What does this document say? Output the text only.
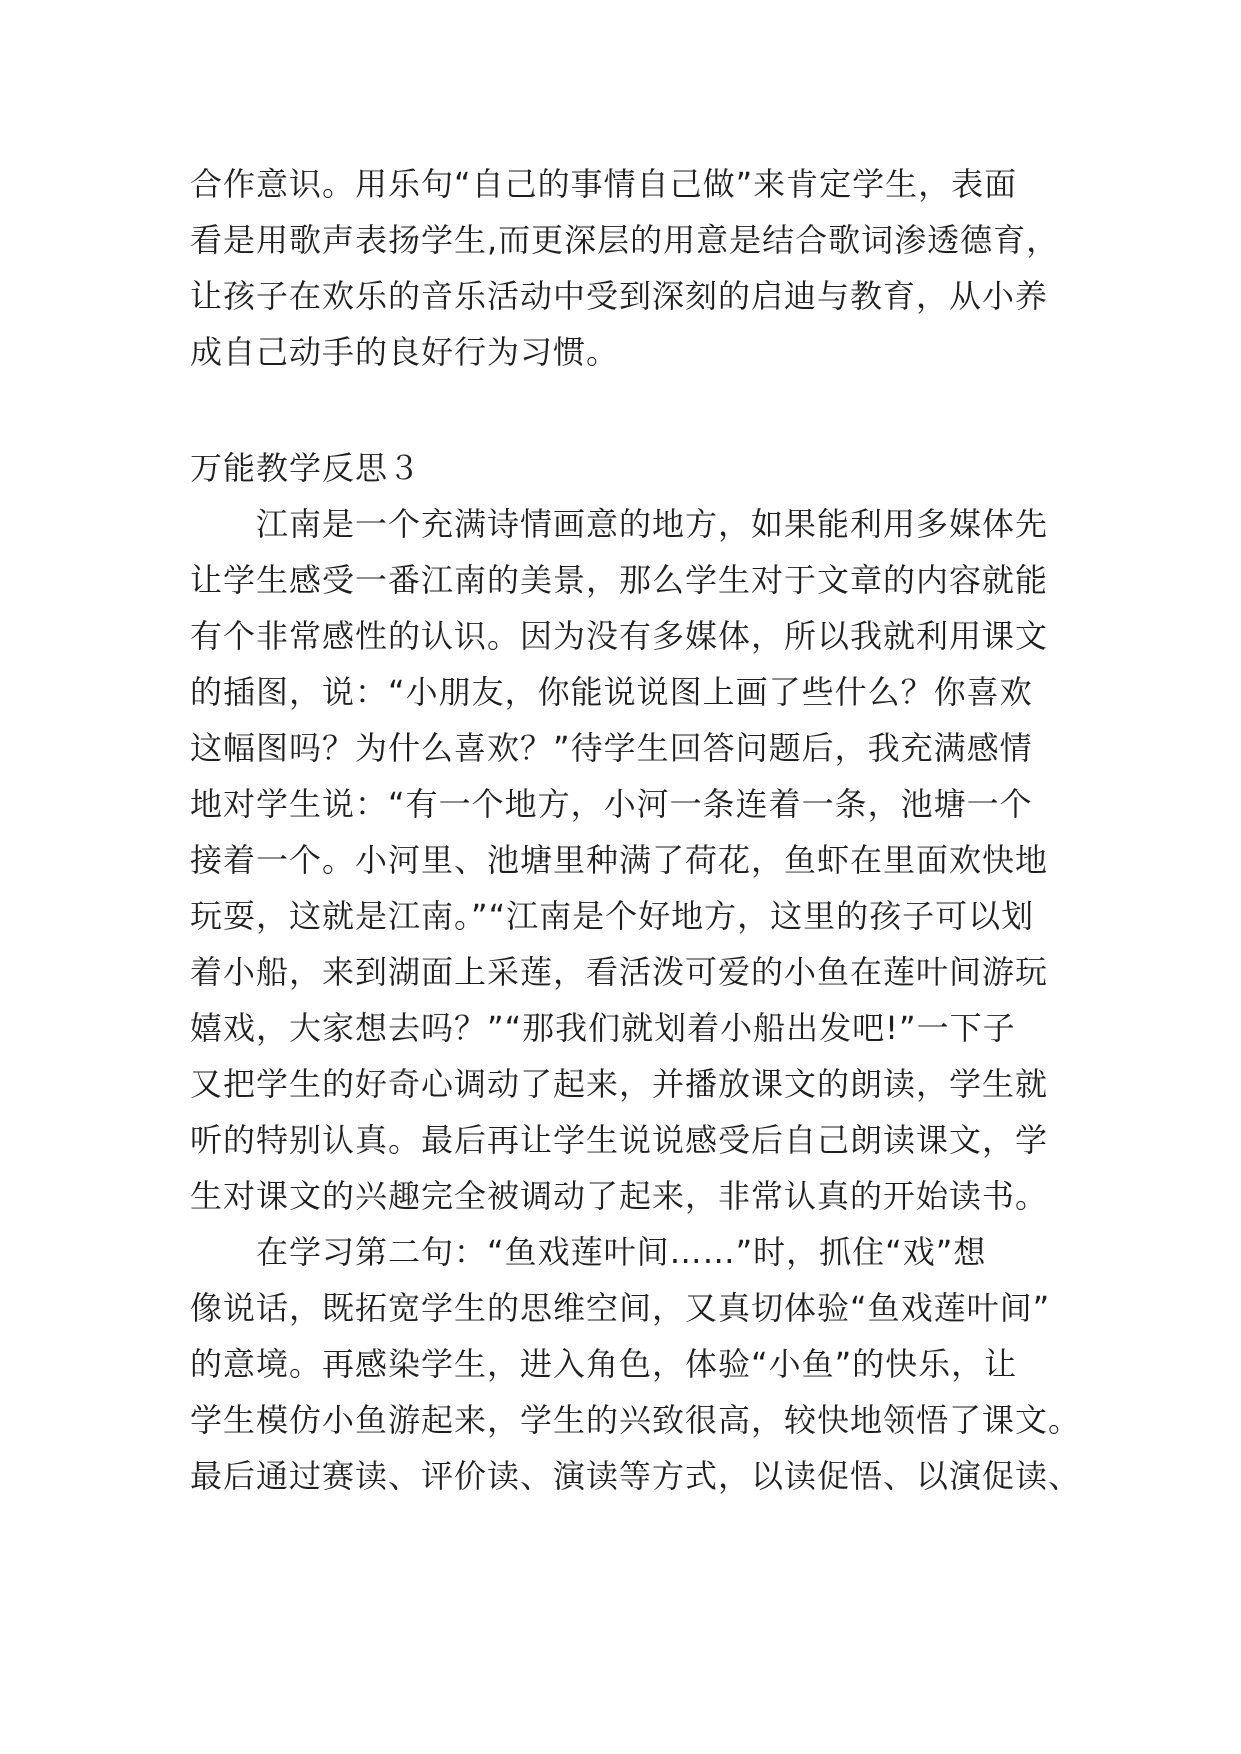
合作意识。用乐句“自己的事情自己做”来肯定学生，表面
看是用歌声表扬学生,而更深层的用意是结合歌词渗透德育，
让孩子在欢乐的音乐活动中受到深刻的启迪与教育，从小养
成自己动手的良好行为习惯。
万能教学反思３
江南是一个充满诗情画意的地方，如果能利用多媒体先
让学生感受一番江南的美景，那么学生对于文章的内容就能
有个非常感性的认识。因为没有多媒体，所以我就利用课文
的插图，说：“小朋友，你能说说图上画了些什么？你喜欢
这幅图吗？为什么喜欢？”待学生回答问题后，我充满感情
地对学生说：“有一个地方，小河一条连着一条，池塘一个
接着一个。小河里、池塘里种满了荷花，鱼虾在里面欢快地
玩耍，这就是江南。”“江南是个好地方，这里的孩子可以划
着小船，来到湖面上采莲，看活泼可爱的小鱼在莲叶间游玩
嬉戏，大家想去吗？”“那我们就划着小船出发吧!”一下子
又把学生的好奇心调动了起来，并播放课文的朗读，学生就
听的特别认真。最后再让学生说说感受后自己朗读课文，学
生对课文的兴趣完全被调动了起来，非常认真的开始读书。
在学习第二句：“鱼戏莲叶间……”时，抓住“戏”想
像说话，既拓宽学生的思维空间，又真切体验“鱼戏莲叶间”
的意境。再感染学生，进入角色，体验“小鱼”的快乐，让
学生模仿小鱼游起来，学生的兴致很高，较快地领悟了课文。
最后通过赛读、评价读、演读等方式，以读促悟、以演促读、
